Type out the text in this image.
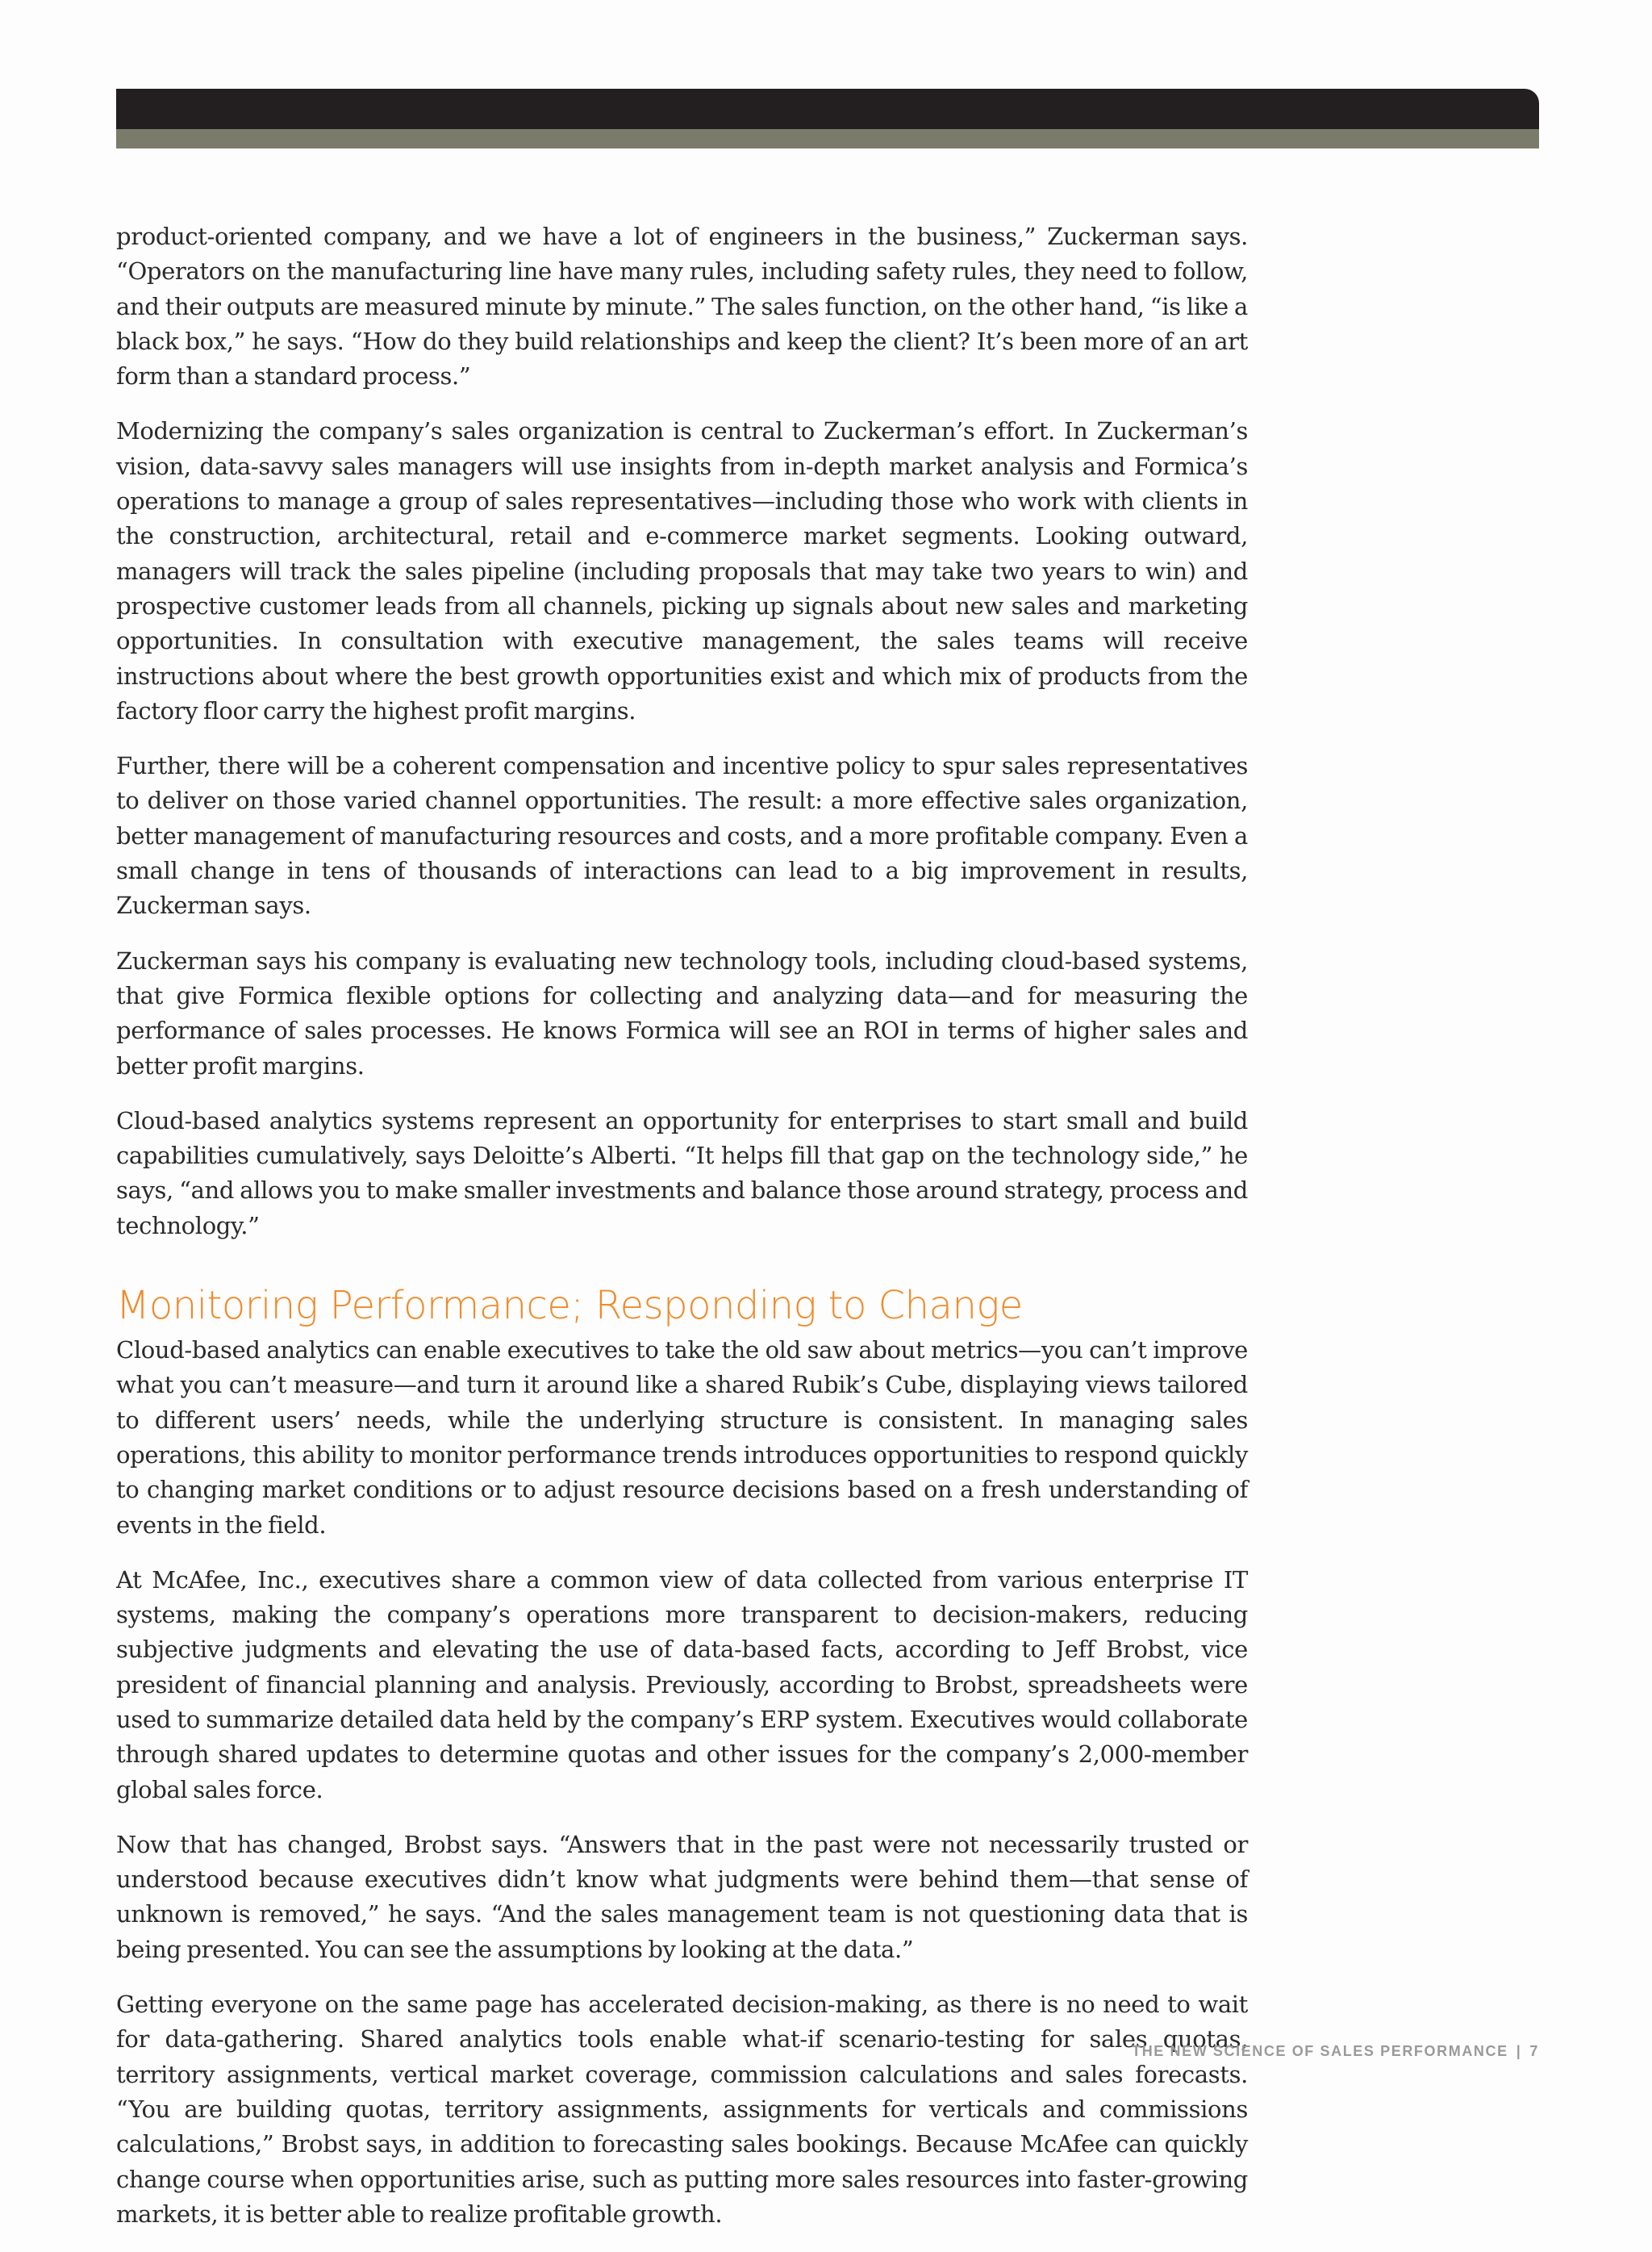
product-oriented company, and we have a lot of engineers in the business,” Zuckerman says. “Operators on the manufacturing line have many rules, including safety rules, they need to follow, and their outputs are measured minute by minute.” The sales function, on the other hand, “is like a black box,” he says. “How do they build relationships and keep the client? It’s been more of an art form than a standard process.”

Modernizing the company’s sales organization is central to Zuckerman’s effort. In Zuckerman’s vision, data-savvy sales managers will use insights from in-depth market analysis and Formica’s operations to manage a group of sales representatives—including those who work with clients in the construction, architectural, retail and e-commerce market segments. Looking outward, managers will track the sales pipeline (including proposals that may take two years to win) and prospective customer leads from all channels, picking up signals about new sales and marketing opportunities. In consultation with executive management, the sales teams will receive instructions about where the best growth opportunities exist and which mix of products from the factory floor carry the highest profit margins.

Further, there will be a coherent compensation and incentive policy to spur sales representatives to deliver on those varied channel opportunities. The result: a more effective sales organization, better management of manufacturing resources and costs, and a more profitable company. Even a small change in tens of thousands of interactions can lead to a big improvement in results, Zuckerman says.

Zuckerman says his company is evaluating new technology tools, including cloud-based systems, that give Formica flexible options for collecting and analyzing data—and for measuring the performance of sales processes. He knows Formica will see an ROI in terms of higher sales and better profit margins.

Cloud-based analytics systems represent an opportunity for enterprises to start small and build capabilities cumulatively, says Deloitte’s Alberti. “It helps fill that gap on the technology side,” he says, “and allows you to make smaller investments and balance those around strategy, process and technology.”

Monitoring Performance; Responding to Change

Cloud-based analytics can enable executives to take the old saw about metrics—you can’t improve what you can’t measure—and turn it around like a shared Rubik’s Cube, displaying views tailored to different users’ needs, while the underlying structure is consistent. In managing sales operations, this ability to monitor performance trends introduces opportunities to respond quickly to changing market conditions or to adjust resource decisions based on a fresh understanding of events in the field.

At McAfee, Inc., executives share a common view of data collected from various enterprise IT systems, making the company’s operations more transparent to decision-makers, reducing subjective judgments and elevating the use of data-based facts, according to Jeff Brobst, vice president of financial planning and analysis. Previously, according to Brobst, spreadsheets were used to summarize detailed data held by the company’s ERP system. Executives would collaborate through shared updates to determine quotas and other issues for the company’s 2,000-member global sales force.

Now that has changed, Brobst says. “Answers that in the past were not necessarily trusted or understood because executives didn’t know what judgments were behind them—that sense of unknown is removed,” he says. “And the sales management team is not questioning data that is being presented. You can see the assumptions by looking at the data.”

Getting everyone on the same page has accelerated decision-making, as there is no need to wait for data-gathering. Shared analytics tools enable what-if scenario-testing for sales quotas, territory assignments, vertical market coverage, commission calculations and sales forecasts. “You are building quotas, territory assignments, assignments for verticals and commissions calculations,” Brobst says, in addition to forecasting sales bookings. Because McAfee can quickly change course when opportunities arise, such as putting more sales resources into faster-growing markets, it is better able to realize profitable growth.

THE NEW SCIENCE OF SALES PERFORMANCE | 7
